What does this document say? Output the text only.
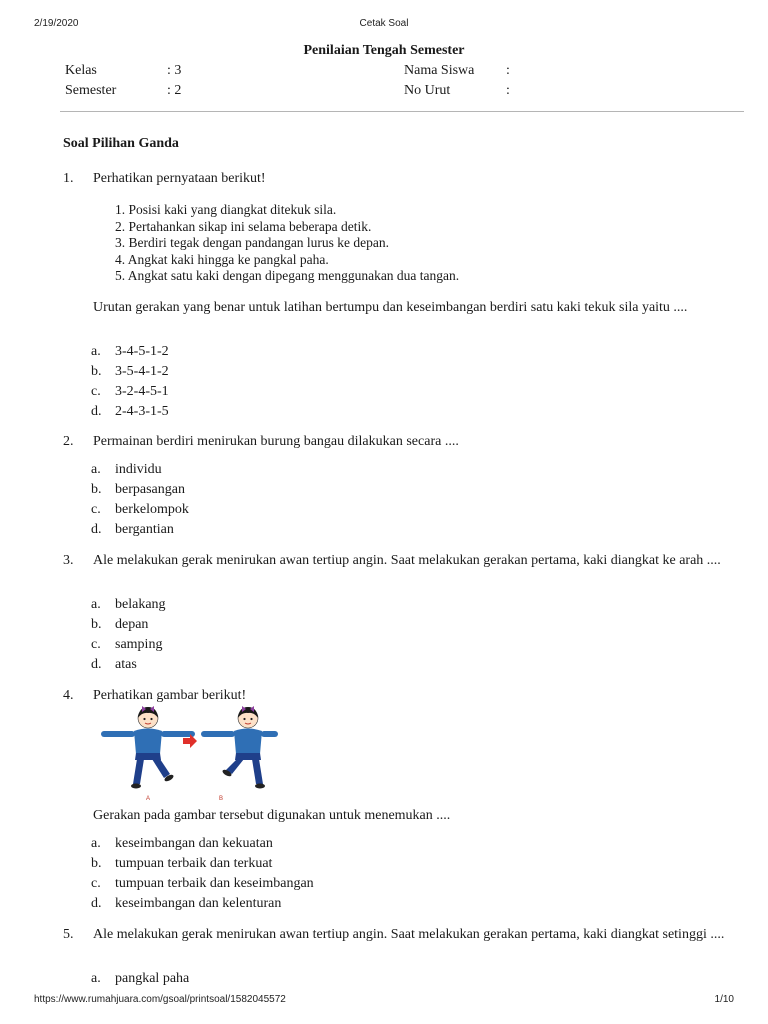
2/19/2020	Cetak Soal
Penilaian Tengah Semester
Kelas	: 3
Semester	: 2
Nama Siswa :
No Urut	:
Soal Pilihan Ganda
1. Perhatikan pernyataan berikut!
1. Posisi kaki yang diangkat ditekuk sila.
2. Pertahankan sikap ini selama beberapa detik.
3. Berdiri tegak dengan pandangan lurus ke depan.
4. Angkat kaki hingga ke pangkal paha.
5. Angkat satu kaki dengan dipegang menggunakan dua tangan.
Urutan gerakan yang benar untuk latihan bertumpu dan keseimbangan berdiri satu kaki tekuk sila yaitu ....
a. 3-4-5-1-2
b. 3-5-4-1-2
c. 3-2-4-5-1
d. 2-4-3-1-5
2. Permainan berdiri menirukan burung bangau dilakukan secara ....
a. individu
b. berpasangan
c. berkelompok
d. bergantian
3. Ale melakukan gerak menirukan awan tertiup angin. Saat melakukan gerakan pertama, kaki diangkat ke arah ....
a. belakang
b. depan
c. samping
d. atas
4. Perhatikan gambar berikut!
A	B
Gerakan pada gambar tersebut digunakan untuk menemukan ....
a. keseimbangan dan kekuatan
b. tumpuan terbaik dan terkuat
c. tumpuan terbaik dan keseimbangan
d. keseimbangan dan kelenturan
5. Ale melakukan gerak menirukan awan tertiup angin. Saat melakukan gerakan pertama, kaki diangkat setinggi ....
a. pangkal paha
https://www.rumahjuara.com/gsoal/printsoal/1582045572	1/10
